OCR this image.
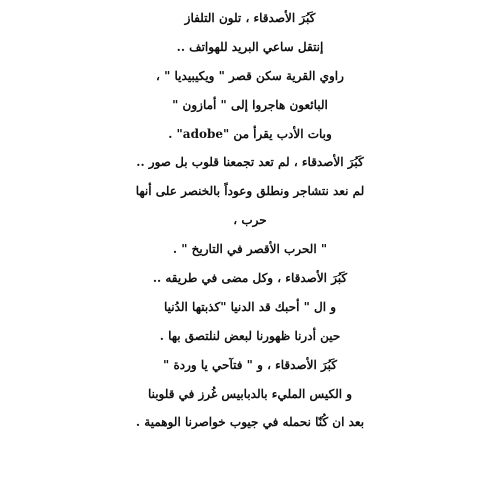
كَبُرَ الأصدقاء ، تلون التلفاز
إنتقل ساعي البريد للهواتف ..
راوي القرية سكن قصر " ويكيبيديا " ،
البائعون هاجروا إلى " أمازون "
وبات الأدب يقرأ من "adobe" .
كَبُرَ الأصدقاء ، لم تعد تجمعنا قلوب بل صور ..
لم نعد نتشاجر ونطلق وعوداً بالخنصر على أنها
حرب ،
" الحرب الأقصر في التاريخ " .
كَبُرَ الأصدقاء ، وكل مضى في طريقه ..
و ال " أحبك قد الدنيا "كذبتها الدُنيا
حين أدرنا ظهورنا لبعض لنلتصق بها .
كَبُرَ الأصدقاء ، و " فتآحي يا وردة "
و الكيس المليء بالدبابيس غُرز في قلوبنا
بعد ان كُنّا نحمله في جيوب خواصرنا الوهمية .
